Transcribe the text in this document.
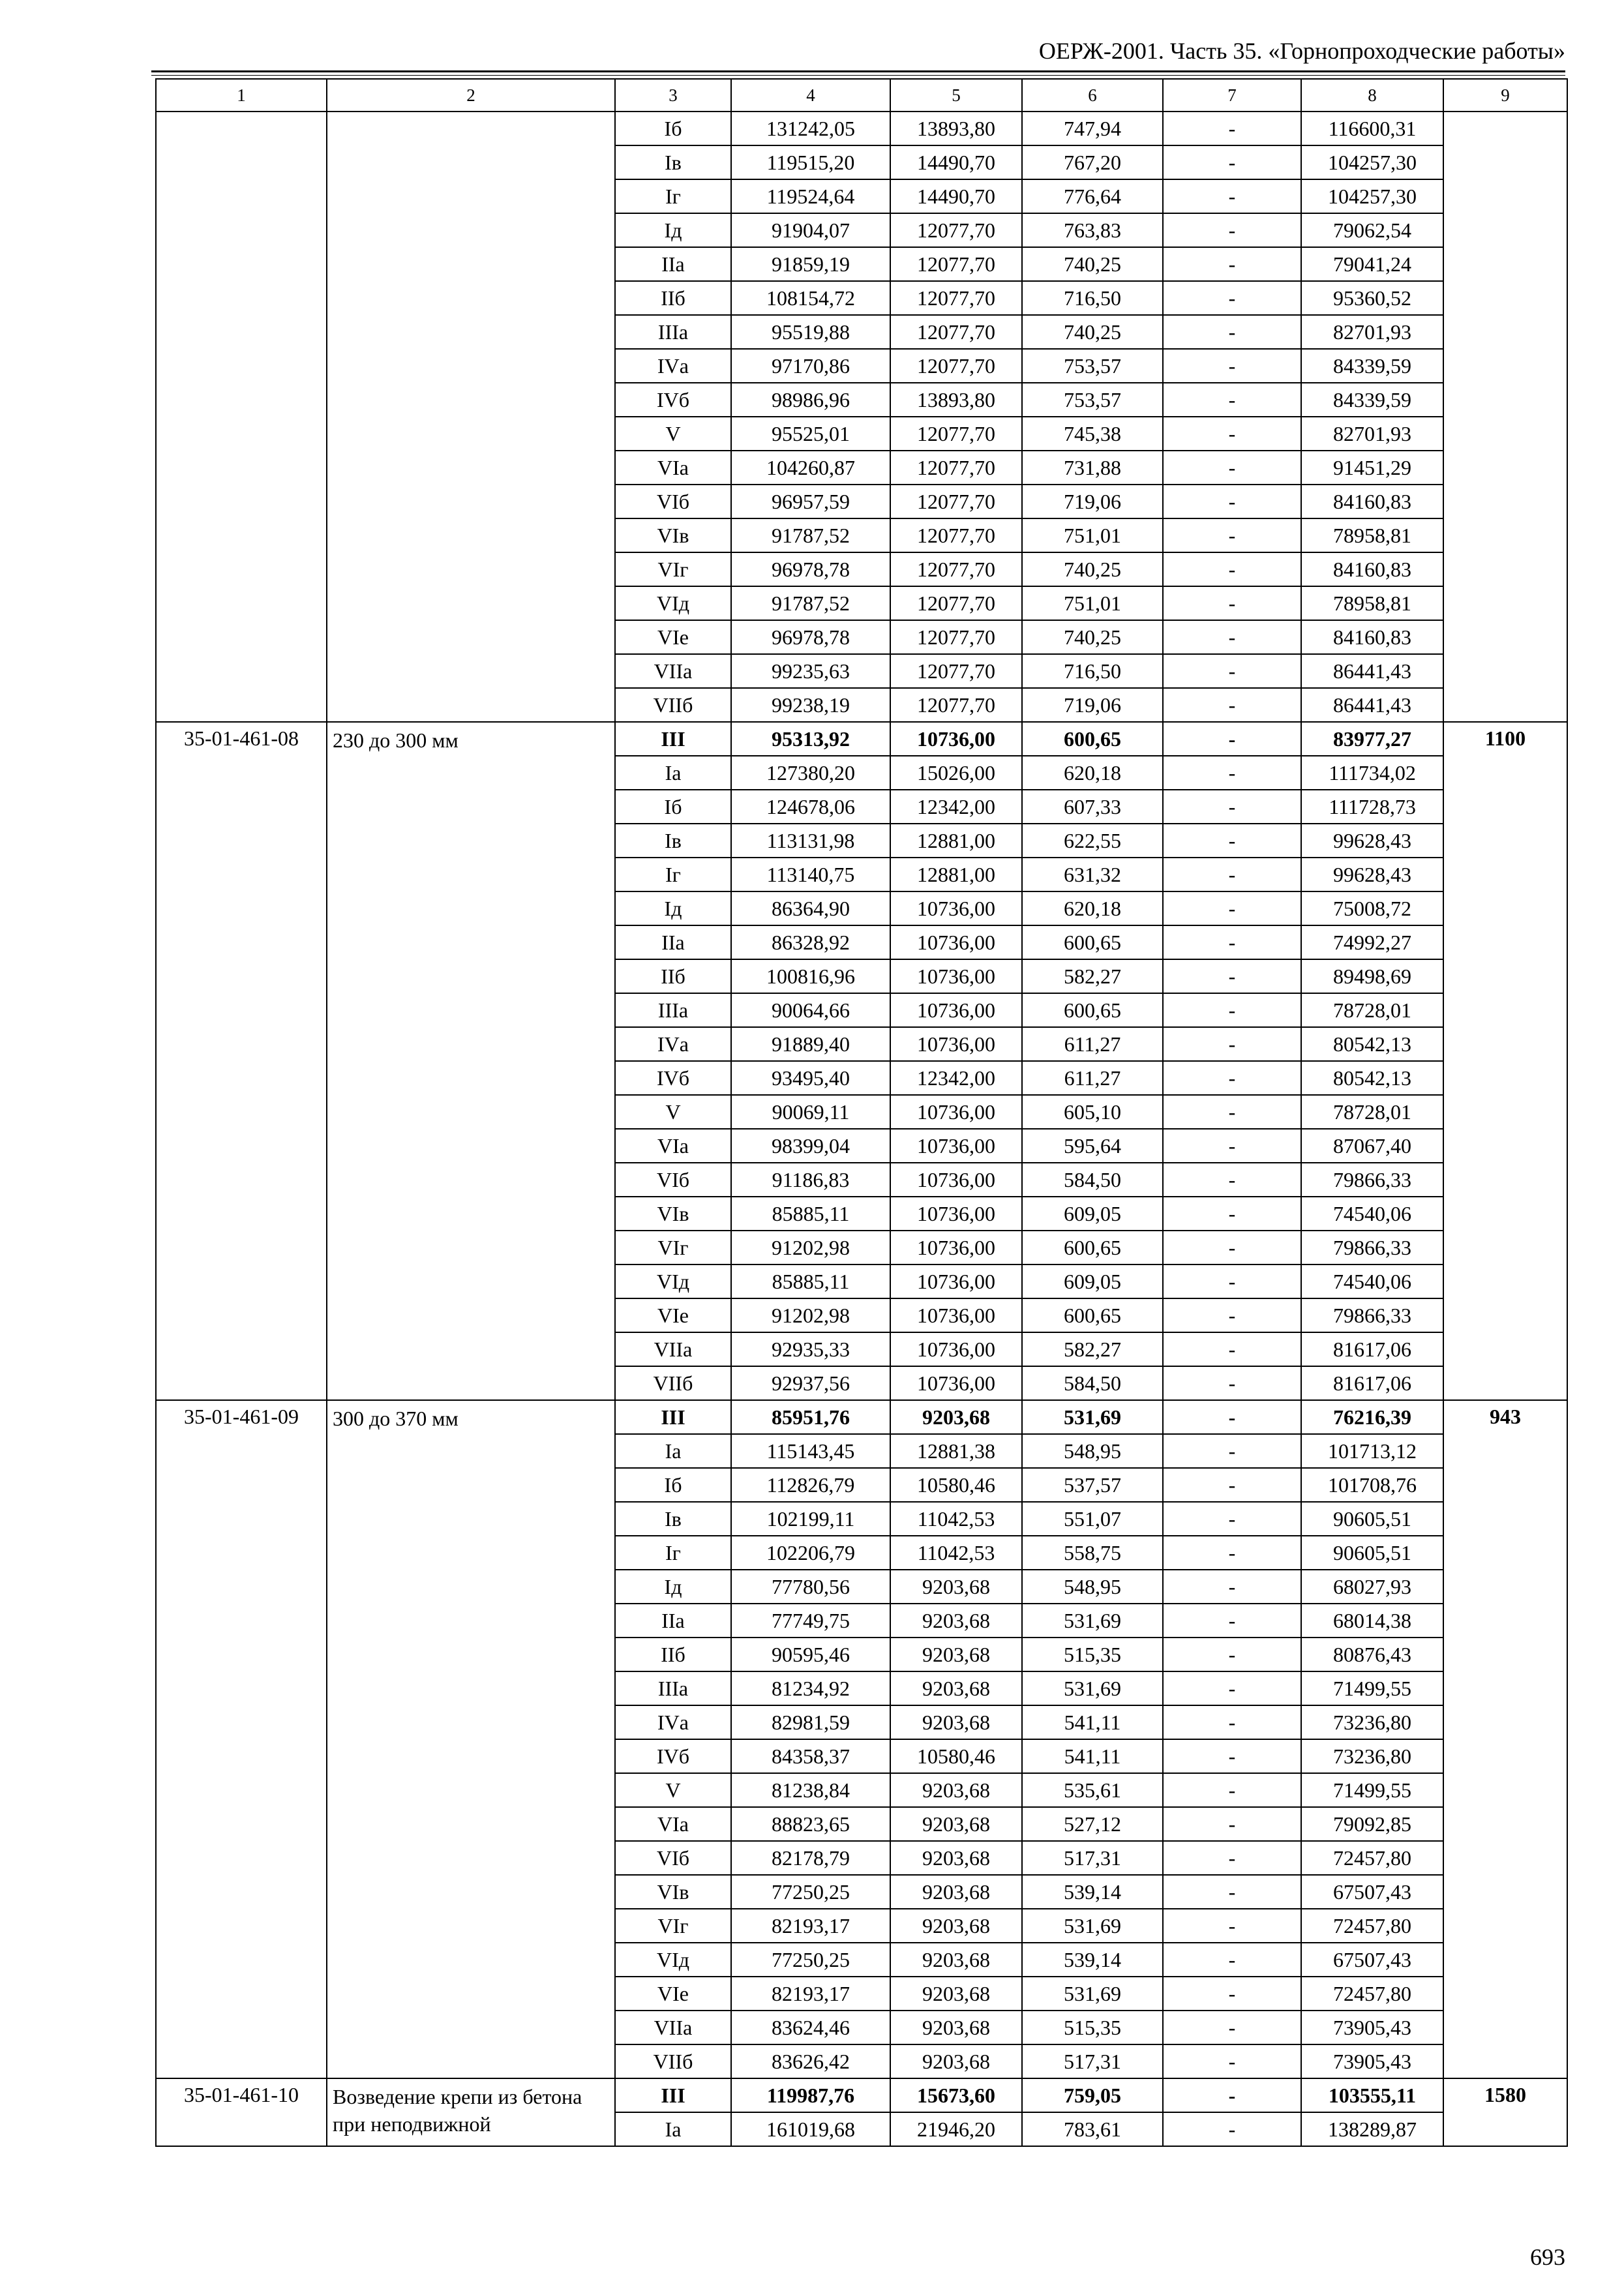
ОЕРЖ-2001. Часть 35. «Горнопроходческие работы»
1	2	3	4	5	6	7	8	9
		Iб	131242,05	13893,80	747,94	-	116600,31	
		Iв	119515,20	14490,70	767,20	-	104257,30	
		Iг	119524,64	14490,70	776,64	-	104257,30	
		Iд	91904,07	12077,70	763,83	-	79062,54	
		IIа	91859,19	12077,70	740,25	-	79041,24	
		IIб	108154,72	12077,70	716,50	-	95360,52	
		IIIа	95519,88	12077,70	740,25	-	82701,93	
		IVа	97170,86	12077,70	753,57	-	84339,59	
		IVб	98986,96	13893,80	753,57	-	84339,59	
		V	95525,01	12077,70	745,38	-	82701,93	
		VIа	104260,87	12077,70	731,88	-	91451,29	
		VIб	96957,59	12077,70	719,06	-	84160,83	
		VIв	91787,52	12077,70	751,01	-	78958,81	
		VIг	96978,78	12077,70	740,25	-	84160,83	
		VIд	91787,52	12077,70	751,01	-	78958,81	
		VIе	96978,78	12077,70	740,25	-	84160,83	
		VIIа	99235,63	12077,70	716,50	-	86441,43	
		VIIб	99238,19	12077,70	719,06	-	86441,43	
35-01-461-08	230 до 300 мм	III	95313,92	10736,00	600,65	-	83977,27	1100
		Iа	127380,20	15026,00	620,18	-	111734,02	
		Iб	124678,06	12342,00	607,33	-	111728,73	
		Iв	113131,98	12881,00	622,55	-	99628,43	
		Iг	113140,75	12881,00	631,32	-	99628,43	
		Iд	86364,90	10736,00	620,18	-	75008,72	
		IIа	86328,92	10736,00	600,65	-	74992,27	
		IIб	100816,96	10736,00	582,27	-	89498,69	
		IIIа	90064,66	10736,00	600,65	-	78728,01	
		IVа	91889,40	10736,00	611,27	-	80542,13	
		IVб	93495,40	12342,00	611,27	-	80542,13	
		V	90069,11	10736,00	605,10	-	78728,01	
		VIа	98399,04	10736,00	595,64	-	87067,40	
		VIб	91186,83	10736,00	584,50	-	79866,33	
		VIв	85885,11	10736,00	609,05	-	74540,06	
		VIг	91202,98	10736,00	600,65	-	79866,33	
		VIд	85885,11	10736,00	609,05	-	74540,06	
		VIе	91202,98	10736,00	600,65	-	79866,33	
		VIIа	92935,33	10736,00	582,27	-	81617,06	
		VIIб	92937,56	10736,00	584,50	-	81617,06	
35-01-461-09	300 до 370 мм	III	85951,76	9203,68	531,69	-	76216,39	943
		Iа	115143,45	12881,38	548,95	-	101713,12	
		Iб	112826,79	10580,46	537,57	-	101708,76	
		Iв	102199,11	11042,53	551,07	-	90605,51	
		Iг	102206,79	11042,53	558,75	-	90605,51	
		Iд	77780,56	9203,68	548,95	-	68027,93	
		IIа	77749,75	9203,68	531,69	-	68014,38	
		IIб	90595,46	9203,68	515,35	-	80876,43	
		IIIа	81234,92	9203,68	531,69	-	71499,55	
		IVа	82981,59	9203,68	541,11	-	73236,80	
		IVб	84358,37	10580,46	541,11	-	73236,80	
		V	81238,84	9203,68	535,61	-	71499,55	
		VIа	88823,65	9203,68	527,12	-	79092,85	
		VIб	82178,79	9203,68	517,31	-	72457,80	
		VIв	77250,25	9203,68	539,14	-	67507,43	
		VIг	82193,17	9203,68	531,69	-	72457,80	
		VIд	77250,25	9203,68	539,14	-	67507,43	
		VIе	82193,17	9203,68	531,69	-	72457,80	
		VIIа	83624,46	9203,68	515,35	-	73905,43	
		VIIб	83626,42	9203,68	517,31	-	73905,43	
35-01-461-10	Возведение крепи из бетона при неподвижной	III	119987,76	15673,60	759,05	-	103555,11	1580
		Iа	161019,68	21946,20	783,61	-	138289,87	
693
